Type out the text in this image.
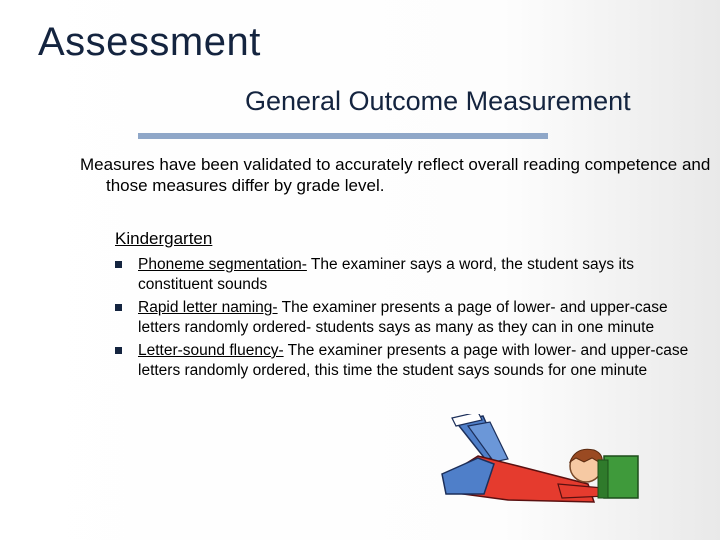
Assessment
General Outcome Measurement
Measures have been validated to accurately reflect overall reading competence and those measures differ by grade level.
Kindergarten
Phoneme segmentation- The examiner says a word, the student says its constituent sounds
Rapid letter naming- The examiner presents a page of lower- and upper-case letters randomly ordered- students says as many as they can in one minute
Letter-sound fluency- The examiner presents a page with lower- and upper-case letters randomly ordered, this time the student says sounds for one minute
